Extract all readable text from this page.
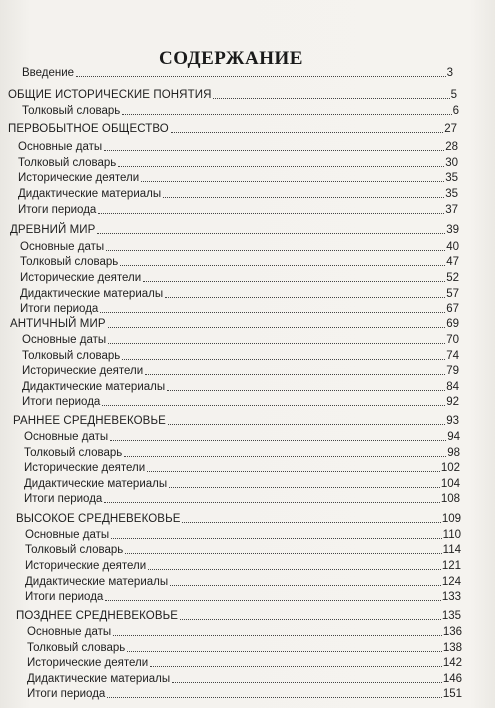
СОДЕРЖАНИЕ
Введение	3
ОБЩИЕ ИСТОРИЧЕСКИЕ ПОНЯТИЯ	5
Толковый словарь	6
ПЕРВОБЫТНОЕ ОБЩЕСТВО	27
Основные даты	28
Толковый словарь	30
Исторические деятели	35
Дидактические материалы	35
Итоги периода	37
ДРЕВНИЙ МИР	39
Основные даты	40
Толковый словарь	47
Исторические деятели	52
Дидактические материалы	57
Итоги периода	67
АНТИЧНЫЙ МИР	69
Основные даты	70
Толковый словарь	74
Исторические деятели	79
Дидактические материалы	84
Итоги периода	92
РАННЕЕ СРЕДНЕВЕКОВЬЕ	93
Основные даты	94
Толковый словарь	98
Исторические деятели	102
Дидактические материалы	104
Итоги периода	108
ВЫСОКОЕ СРЕДНЕВЕКОВЬЕ	109
Основные даты	110
Толковый словарь	114
Исторические деятели	121
Дидактические материалы	124
Итоги периода	133
ПОЗДНЕЕ СРЕДНЕВЕКОВЬЕ	135
Основные даты	136
Толковый словарь	138
Исторические деятели	142
Дидактические материалы	146
Итоги периода	151
